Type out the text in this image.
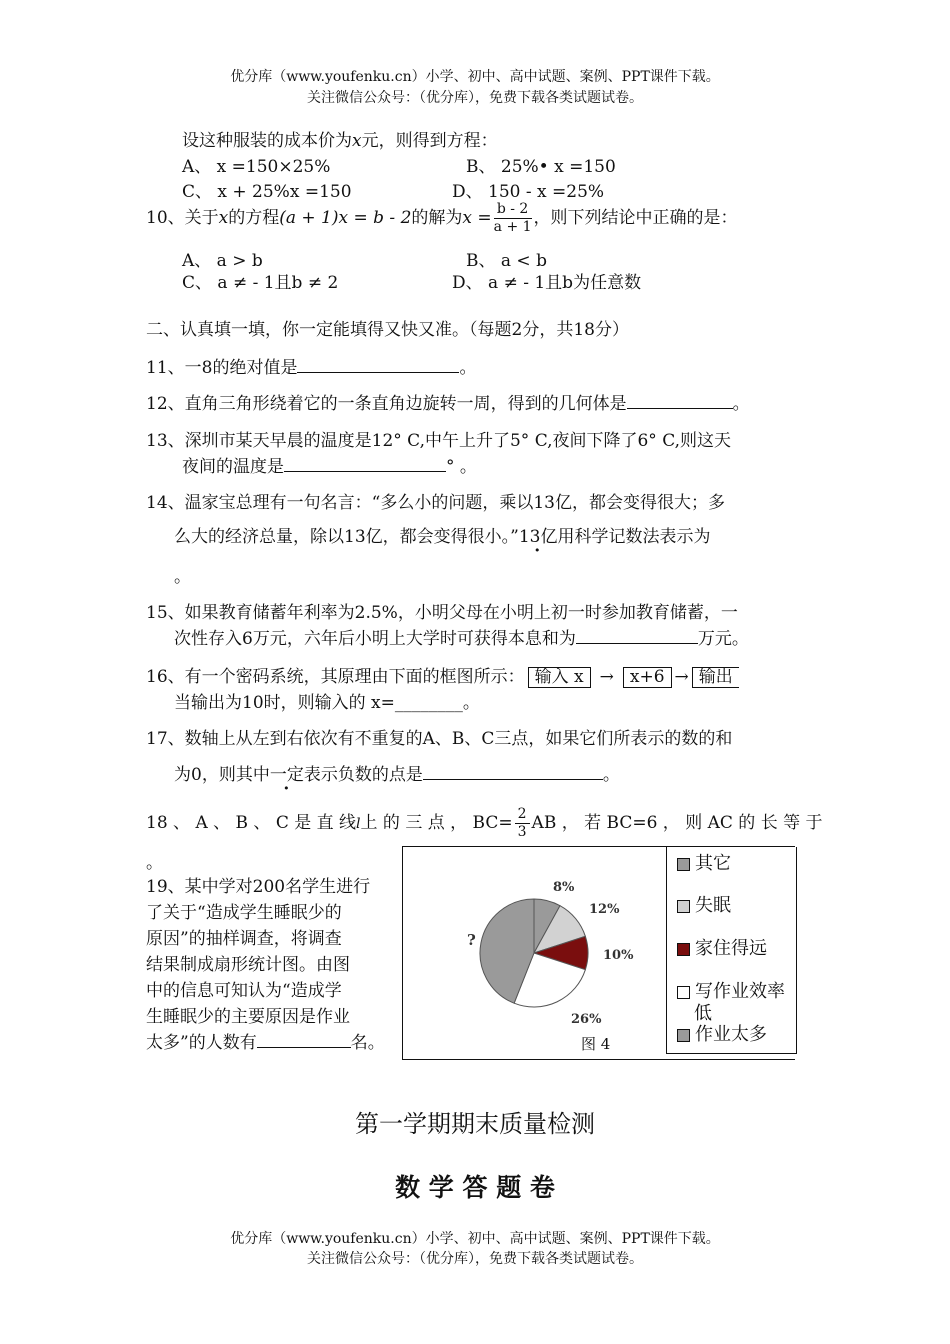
优分库（www.youfenku.cn）小学、初中、高中试题、案例、PPT课件下载。
关注微信公众号：（优分库），免费下载各类试题试卷。
设这种服装的成本价为x元，则得到方程：
A、 x =150×25%	B、 25%• x =150
C、 x + 25%x =150	D、 150 - x =25%
10、关于x的方程(a + 1)x = b - 2的解为$x = \frac{b - 2}{a + 1}$ ，则下列结论中正确的是：
A、 a > b	B、 a < b
C、 a ≠ - 1且b ≠ 2	D、 a ≠ - 1且b为任意数
二、认真填一填，你一定能填得又快又准。（每题2分，共18分）
11、一8的绝对值是	。
12、直角三角形绕着它的一条直角边旋转一周，得到的几何体是	。
13、深圳市某天早晨的温度是12° C,中午上升了5° C,夜间下降了6° C,则这天
夜间的温度是	° 。
14、温家宝总理有一句名言：“多么小的问题，乘以13亿，都会变得很大；多
么大的经济总量，除以13亿，都会变得很小。”13亿 ·用科学记数法表示为
。
15、如果教育储蓄年利率为2.5%，小明父母在小明上初一时参加教育储蓄，一
次性存入6万元，六年后小明上大学时可获得本息和为	万元。
16、有一个密码系统，其原理由下面的框图所示： 输入 x → x+6 → 输出
当输出为10时，则输入的 x=________。
17、数轴上从左到右依次有不重复的A、B、C三点，如果它们所表示的数的和
为0，则其中一定表示负数的点是	。
18 、 A 、 B 、 C 是 直 线l上 的 三 点 ， $BC= \frac{2}{3}$ AB ， 若 BC=6 ， 则 AC 的 长 等 于
。
19、某中学对200名学生进行
了关于“造成学生睡眠少的
原因”的抽样调查，将调查
结果制成扇形统计图。由图
中的信息可知认为“造成学
生睡眠少的主要原因是作业
太多”的人数有	名。
8%
12%
10%
26%
?
图 4
其它
失眠
家住得远
写作业效率
低
作业太多
第一学期期末质量检测
数 学 答 题 卷
优分库（www.youfenku.cn）小学、初中、高中试题、案例、PPT课件下载。
关注微信公众号：（优分库），免费下载各类试题试卷。
